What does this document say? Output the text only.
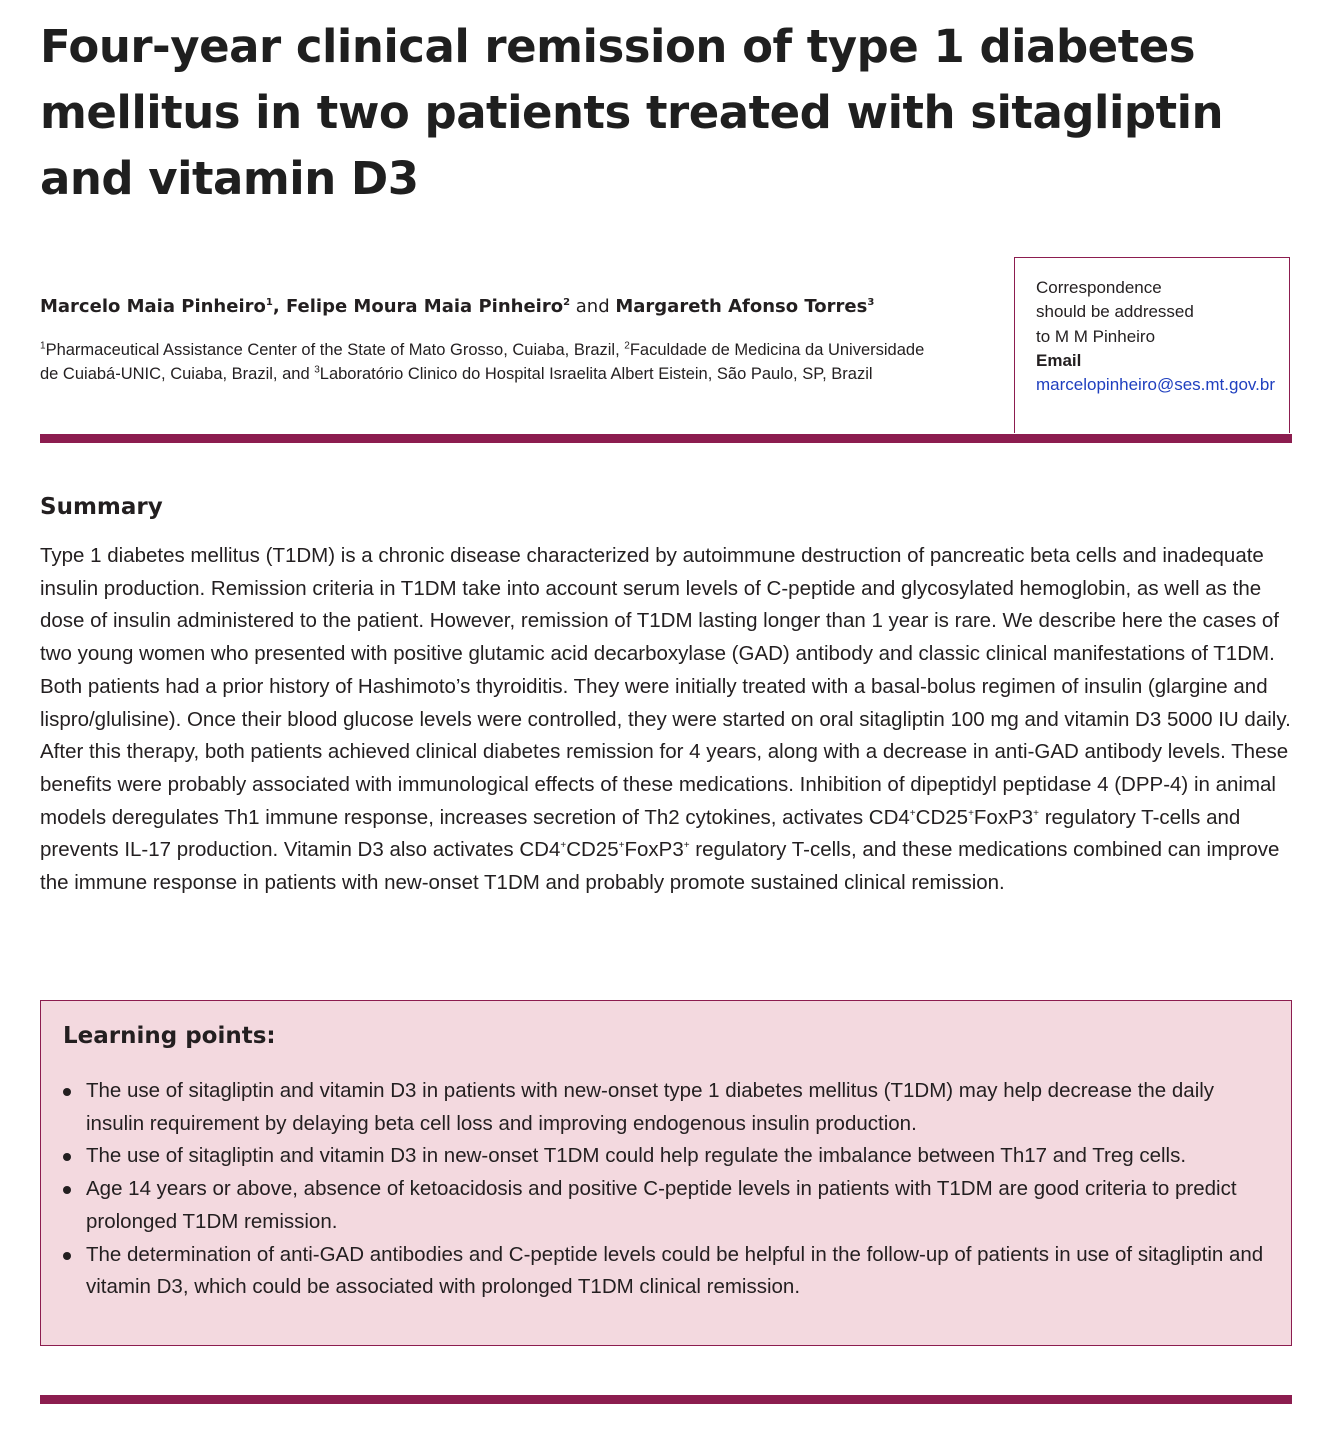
Four-year clinical remission of type 1 diabetes mellitus in two patients treated with sitagliptin and vitamin D3
Marcelo Maia Pinheiro$^1$, Felipe Moura Maia Pinheiro$^2$ and Margareth Afonso Torres$^3$
$^1$Pharmaceutical Assistance Center of the State of Mato Grosso, Cuiaba, Brazil, $^2$Faculdade de Medicina da Universidade de Cuiabá-UNIC, Cuiaba, Brazil, and $^3$Laboratório Clinico do Hospital Israelita Albert Eistein, São Paulo, SP, Brazil
Correspondence
should be addressed
to M M Pinheiro
Email
marcelopinheiro@ses.mt.gov.br
Summary

Type 1 diabetes mellitus (T1DM) is a chronic disease characterized by autoimmune destruction of pancreatic beta cells and inadequate insulin production. Remission criteria in T1DM take into account serum levels of C-peptide and glycosylated hemoglobin, as well as the dose of insulin administered to the patient. However, remission of T1DM lasting longer than 1 year is rare. We describe here the cases of two young women who presented with positive glutamic acid decarboxylase (GAD) antibody and classic clinical manifestations of T1DM. Both patients had a prior history of Hashimoto’s thyroiditis. They were initially treated with a basal-bolus regimen of insulin (glargine and lispro/glulisine). Once their blood glucose levels were controlled, they were started on oral sitagliptin 100 mg and vitamin D3 5000 IU daily. After this therapy, both patients achieved clinical diabetes remission for 4 years, along with a decrease in anti-GAD antibody levels. These benefits were probably associated with immunological effects of these medications. Inhibition of dipeptidyl peptidase 4 (DPP-4) in animal models deregulates Th1 immune response, increases secretion of Th2 cytokines, activates CD4+CD25+FoxP3+ regulatory T-cells and prevents IL-17 production. Vitamin D3 also activates CD4+CD25+FoxP3+ regulatory T-cells, and these medications combined can improve the immune response in patients with new-onset T1DM and probably promote sustained clinical remission.

Learning points:
The use of sitagliptin and vitamin D3 in patients with new-onset type 1 diabetes mellitus (T1DM) may help decrease the daily insulin requirement by delaying beta cell loss and improving endogenous insulin production.
The use of sitagliptin and vitamin D3 in new-onset T1DM could help regulate the imbalance between Th17 and Treg cells.
Age 14 years or above, absence of ketoacidosis and positive C-peptide levels in patients with T1DM are good criteria to predict prolonged T1DM remission.
The determination of anti-GAD antibodies and C-peptide levels could be helpful in the follow-up of patients in use of sitagliptin and vitamin D3, which could be associated with prolonged T1DM clinical remission.
